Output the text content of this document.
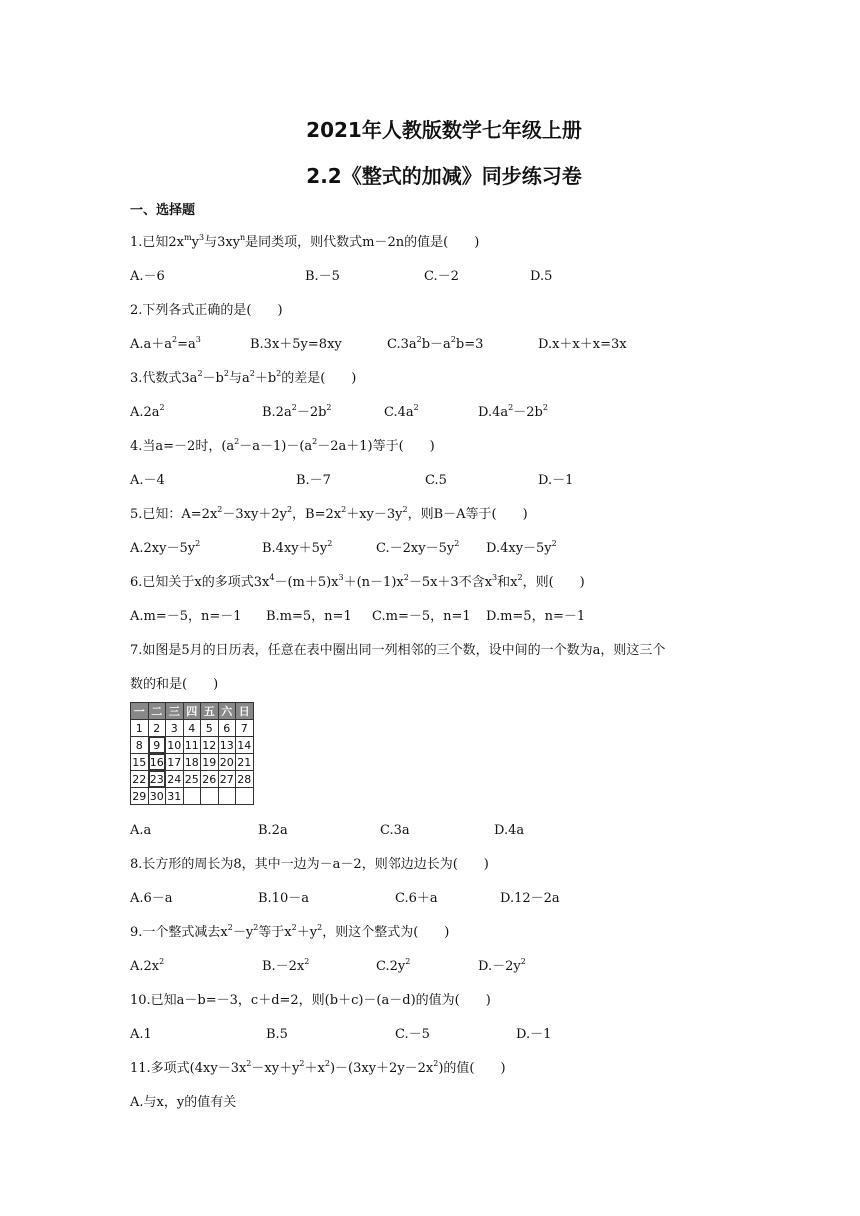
2021年人教版数学七年级上册
2.2《整式的加减》同步练习卷
一、选择题
1.已知$2x^my^3$与$3xy^n$是同类项，则代数式m－2n的值是(　　)
A.－6	B.－5	C.－2	D.5
2.下列各式正确的是(　　)
$A.a+a^2=a^3$	B.3x＋5y=8xy	$C.3a^2b-a^2b=3$	D.x＋x＋x=3x
3.代数式$3a^2-b^2$与$a^2+b^2$的差是(　　)
$A.2a^2$	$B.2a^2-2b^2$	$C.4a^2$	$D.4a^2-2b^2$
4.当a=－2时，$(a^2-a-1)-(a^2-2a+1)$等于(　　)
A.－4	B.－7	C.5	D.－1
5.已知：$A=2x^2-3xy+2y^2$，$B=2x^2+xy-3y^2$，则B－A等于(　　)
$A.2xy-5y^2$	$B.4xy+5y^2$	$C.-2xy-5y^2$ $D.4xy-5y^2$
6.已知关于x的多项式$3x^4-(m+5)x^3+(n-1)x^2-5x+3$不含$x^3$和$x^2$，则(　　)
A.m=－5，n=－1 B.m=5，n=1 C.m=－5，n=1 D.m=5，n=－1
7.如图是5月的日历表，任意在表中圈出同一列相邻的三个数，设中间的一个数为a，则这三个
数的和是(　　)
一	二	三	四	五	六	日
1	2	3	4	5	6	7
8	9	10	11	12	13	14
15	16	17	18	19	20	21
22	23	24	25	26	27	28
29	30	31				
A.a	B.2a	C.3a	D.4a
8.长方形的周长为8，其中一边为－a－2，则邻边边长为(　　)
A.6－a	B.10－a	C.6＋a	D.12－2a
9.一个整式减去$x^2-y^2$等于$x^2+y^2$，则这个整式为(　　)
$A.2x^2$	$B.-2x^2$	$C.2y^2$	$D.-2y^2$
10.已知a－b=－3，c＋d=2，则(b＋c)－(a－d)的值为(　　)
A.1	B.5	C.－5	D.－1
11.多项式$(4xy-3x^2-xy+y^2+x^2)-(3xy+2y-2x^2)$的值(　　)
A.与x，y的值有关
